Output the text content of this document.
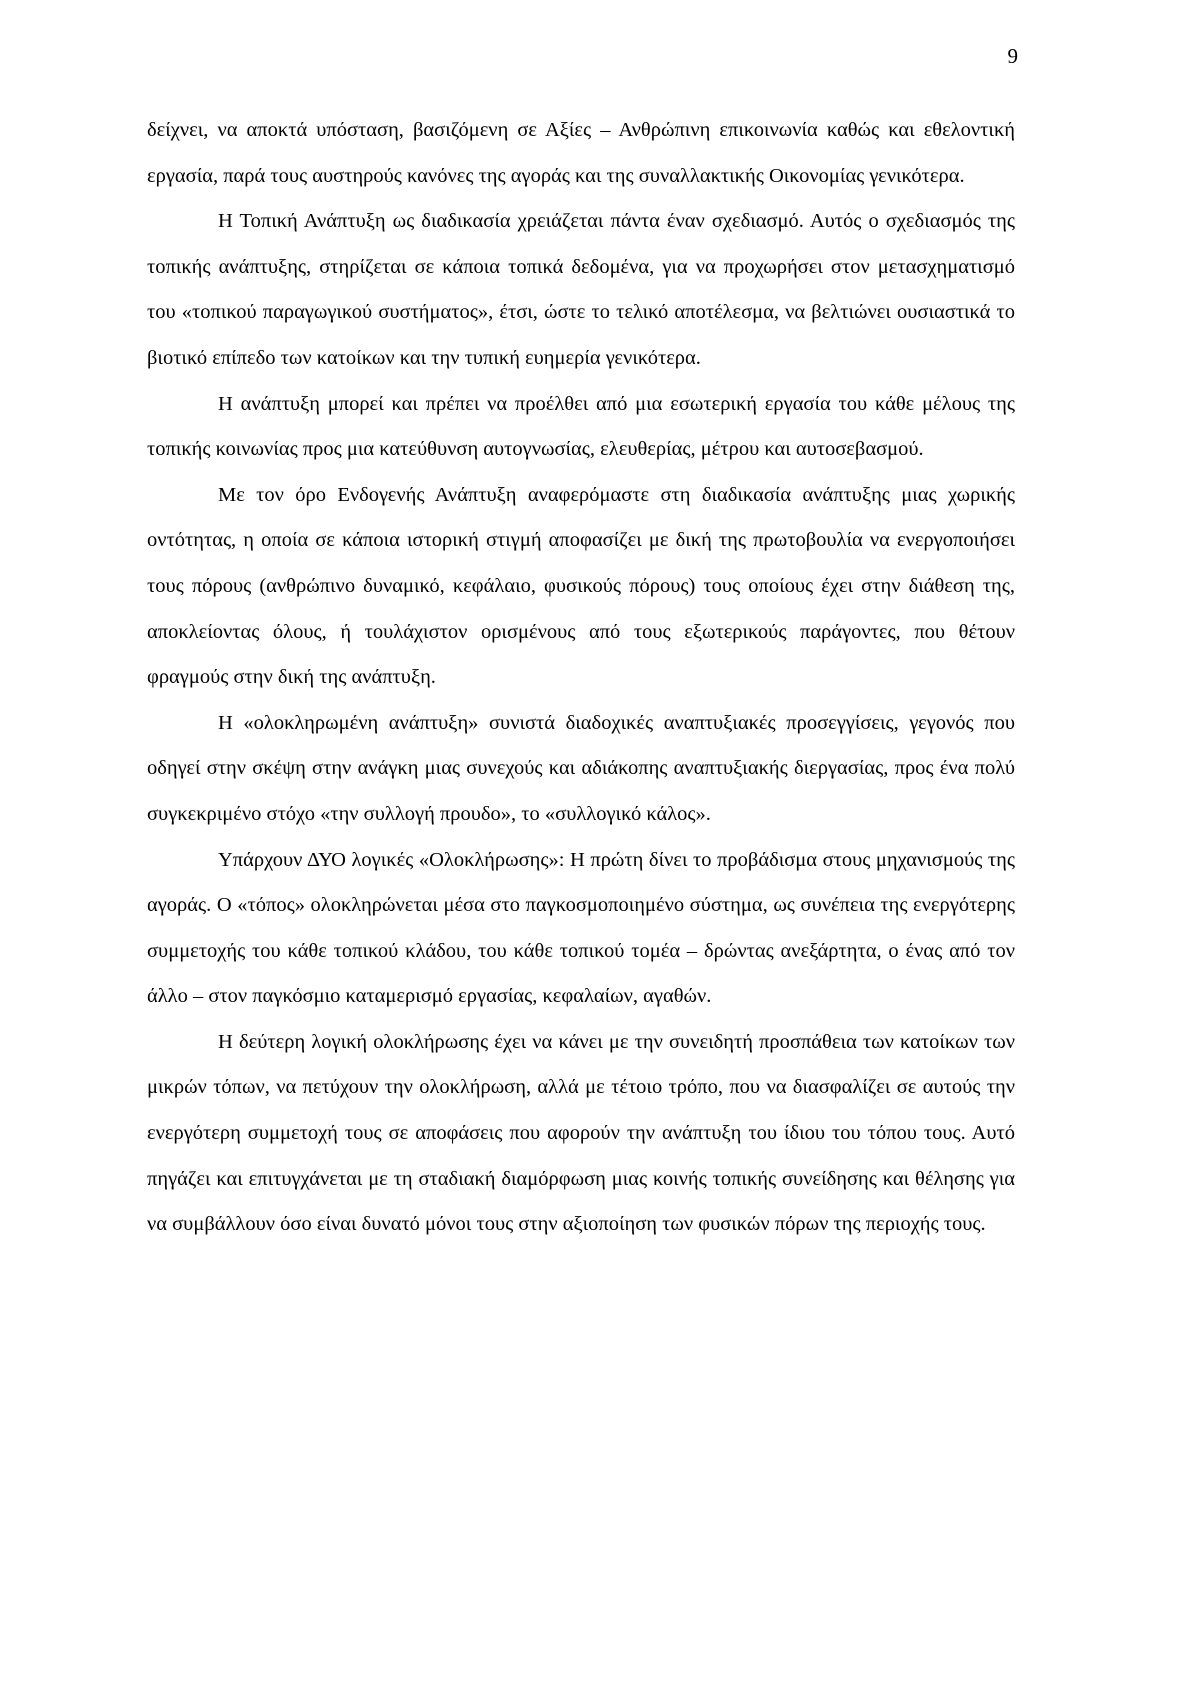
9

δείχνει, να αποκτά υπόσταση, βασιζόμενη σε Αξίες – Ανθρώπινη επικοινωνία καθώς και εθελοντική εργασία, παρά τους αυστηρούς κανόνες της αγοράς και της συναλλακτικής Οικονομίας γενικότερα.

Η Τοπική Ανάπτυξη ως διαδικασία χρειάζεται πάντα έναν σχεδιασμό. Αυτός ο σχεδιασμός της τοπικής ανάπτυξης, στηρίζεται σε κάποια τοπικά δεδομένα, για να προχωρήσει στον μετασχηματισμό του «τοπικού παραγωγικού συστήματος», έτσι, ώστε το τελικό αποτέλεσμα, να βελτιώνει ουσιαστικά το βιοτικό επίπεδο των κατοίκων και την τυπική ευημερία γενικότερα.

Η ανάπτυξη μπορεί και πρέπει να προέλθει από μια εσωτερική εργασία του κάθε μέλους της τοπικής κοινωνίας προς μια κατεύθυνση αυτογνωσίας, ελευθερίας, μέτρου και αυτοσεβασμού.

Με τον όρο Ενδογενής Ανάπτυξη αναφερόμαστε στη διαδικασία ανάπτυξης μιας χωρικής οντότητας, η οποία σε κάποια ιστορική στιγμή αποφασίζει με δική της πρωτοβουλία να ενεργοποιήσει τους πόρους (ανθρώπινο δυναμικό, κεφάλαιο, φυσικούς πόρους) τους οποίους έχει στην διάθεση της, αποκλείοντας όλους, ή τουλάχιστον ορισμένους από τους εξωτερικούς παράγοντες, που θέτουν φραγμούς στην δική της ανάπτυξη.

Η «ολοκληρωμένη ανάπτυξη» συνιστά διαδοχικές αναπτυξιακές προσεγγίσεις, γεγονός που οδηγεί στην σκέψη στην ανάγκη μιας συνεχούς και αδιάκοπης αναπτυξιακής διεργασίας, προς ένα πολύ συγκεκριμένο στόχο «την συλλογή προυδο», το «συλλογικό κάλος».

Υπάρχουν ΔΥΟ λογικές «Ολοκλήρωσης»: Η πρώτη δίνει το προβάδισμα στους μηχανισμούς της αγοράς. Ο «τόπος» ολοκληρώνεται μέσα στο παγκοσμοποιημένο σύστημα, ως συνέπεια της ενεργότερης συμμετοχής του κάθε τοπικού κλάδου, του κάθε τοπικού τομέα – δρώντας ανεξάρτητα, ο ένας από τον άλλο – στον παγκόσμιο καταμερισμό εργασίας, κεφαλαίων, αγαθών.

Η δεύτερη λογική ολοκλήρωσης έχει να κάνει με την συνειδητή προσπάθεια των κατοίκων των μικρών τόπων, να πετύχουν την ολοκλήρωση, αλλά με τέτοιο τρόπο, που να διασφαλίζει σε αυτούς την ενεργότερη συμμετοχή τους σε αποφάσεις που αφορούν την ανάπτυξη του ίδιου του τόπου τους. Αυτό πηγάζει και επιτυγχάνεται με τη σταδιακή διαμόρφωση μιας κοινής τοπικής συνείδησης και θέλησης για να συμβάλλουν όσο είναι δυνατό μόνοι τους στην αξιοποίηση των φυσικών πόρων της περιοχής τους.
